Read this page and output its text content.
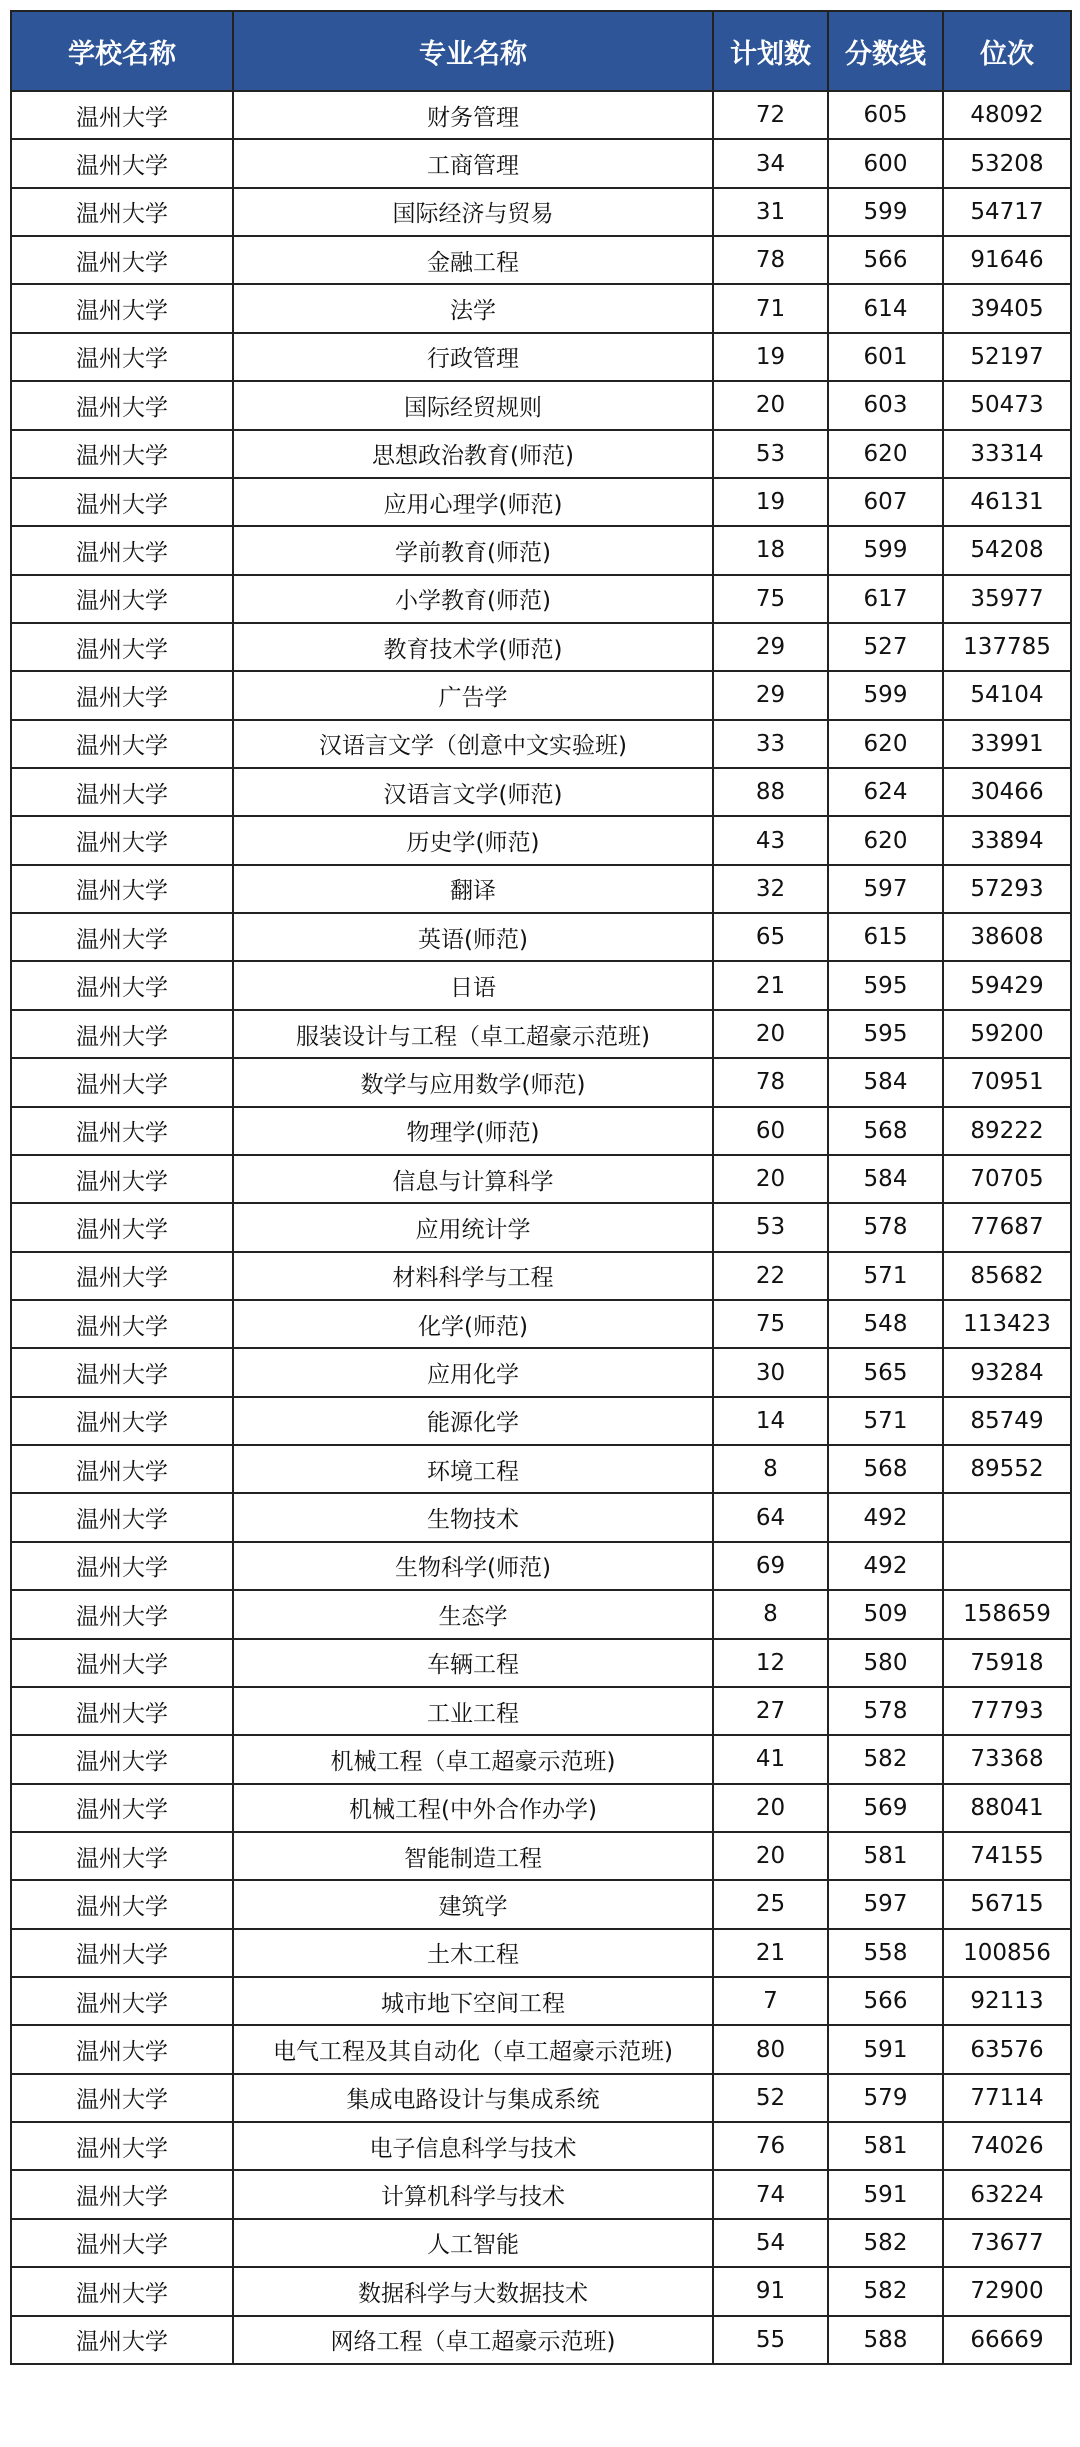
学校名称	专业名称	计划数	分数线	位次
温州大学	财务管理	72	605	48092
温州大学	工商管理	34	600	53208
温州大学	国际经济与贸易	31	599	54717
温州大学	金融工程	78	566	91646
温州大学	法学	71	614	39405
温州大学	行政管理	19	601	52197
温州大学	国际经贸规则	20	603	50473
温州大学	思想政治教育(师范)	53	620	33314
温州大学	应用心理学(师范)	19	607	46131
温州大学	学前教育(师范)	18	599	54208
温州大学	小学教育(师范)	75	617	35977
温州大学	教育技术学(师范)	29	527	137785
温州大学	广告学	29	599	54104
温州大学	汉语言文学（创意中文实验班)	33	620	33991
温州大学	汉语言文学(师范)	88	624	30466
温州大学	历史学(师范)	43	620	33894
温州大学	翻译	32	597	57293
温州大学	英语(师范)	65	615	38608
温州大学	日语	21	595	59429
温州大学	服装设计与工程（卓工超豪示范班)	20	595	59200
温州大学	数学与应用数学(师范)	78	584	70951
温州大学	物理学(师范)	60	568	89222
温州大学	信息与计算科学	20	584	70705
温州大学	应用统计学	53	578	77687
温州大学	材料科学与工程	22	571	85682
温州大学	化学(师范)	75	548	113423
温州大学	应用化学	30	565	93284
温州大学	能源化学	14	571	85749
温州大学	环境工程	8	568	89552
温州大学	生物技术	64	492	
温州大学	生物科学(师范)	69	492	
温州大学	生态学	8	509	158659
温州大学	车辆工程	12	580	75918
温州大学	工业工程	27	578	77793
温州大学	机械工程（卓工超豪示范班)	41	582	73368
温州大学	机械工程(中外合作办学)	20	569	88041
温州大学	智能制造工程	20	581	74155
温州大学	建筑学	25	597	56715
温州大学	土木工程	21	558	100856
温州大学	城市地下空间工程	7	566	92113
温州大学	电气工程及其自动化（卓工超豪示范班)	80	591	63576
温州大学	集成电路设计与集成系统	52	579	77114
温州大学	电子信息科学与技术	76	581	74026
温州大学	计算机科学与技术	74	591	63224
温州大学	人工智能	54	582	73677
温州大学	数据科学与大数据技术	91	582	72900
温州大学	网络工程（卓工超豪示范班)	55	588	66669
